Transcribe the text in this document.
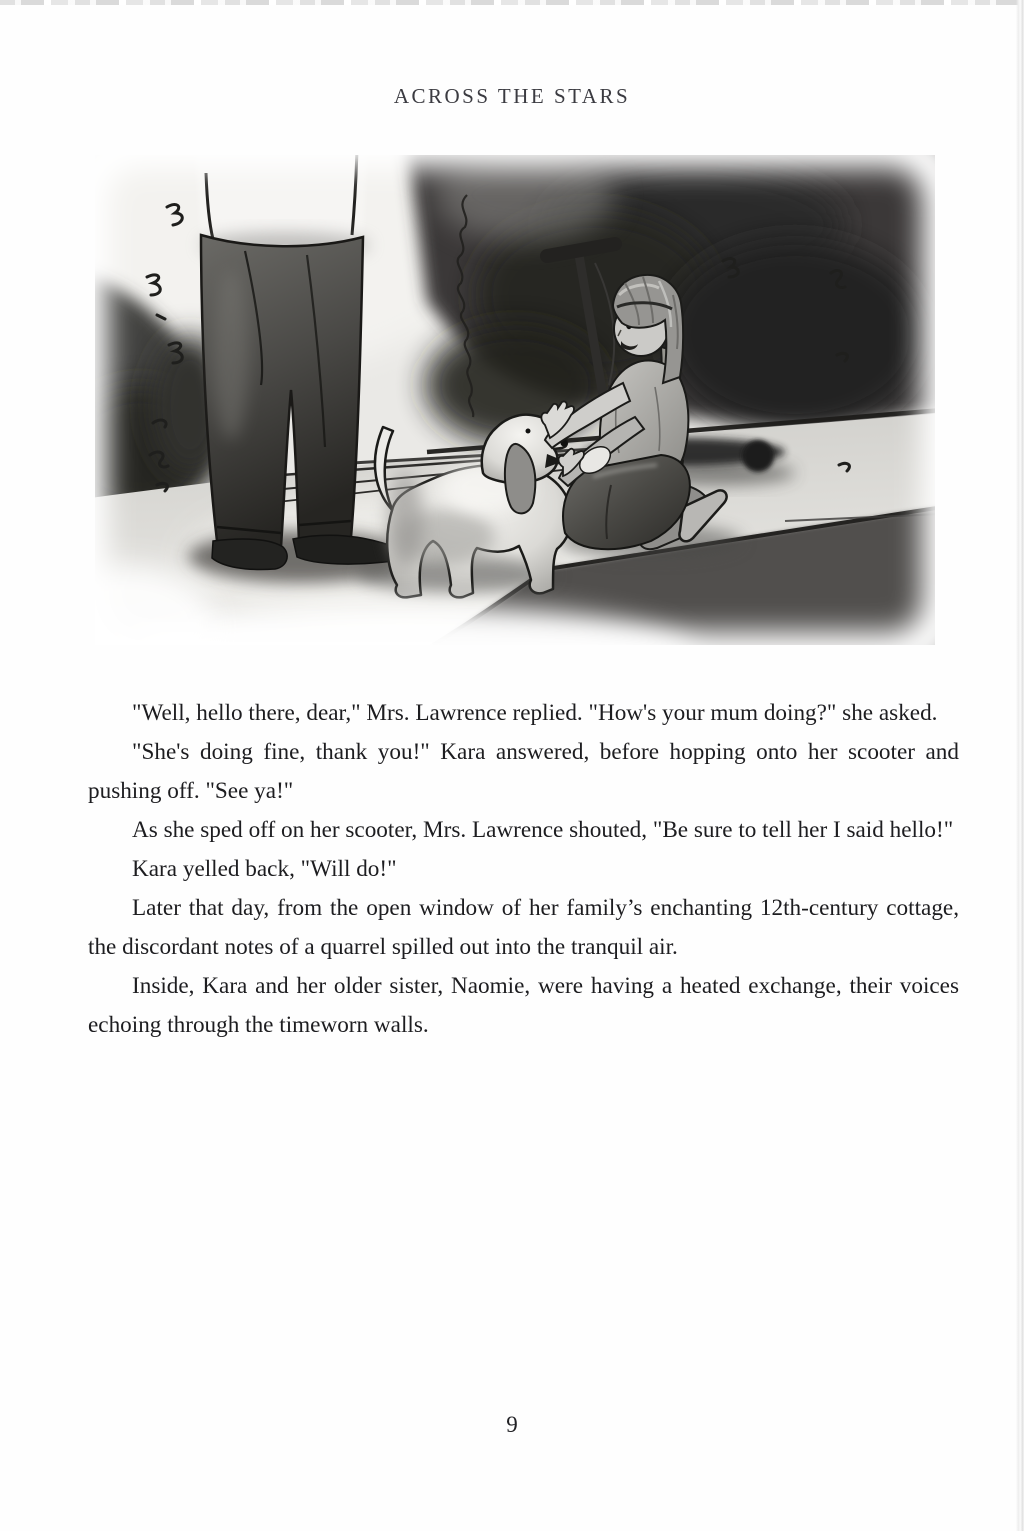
ACROSS THE STARS

"Well, hello there, dear," Mrs. Lawrence replied. "How's your mum doing?" she asked.

"She's doing fine, thank you!" Kara answered, before hopping onto her scooter and pushing off. "See ya!"

As she sped off on her scooter, Mrs. Lawrence shouted, "Be sure to tell her I said hello!"

Kara yelled back, "Will do!"

Later that day, from the open window of her family’s enchanting 12th-century cottage, the discordant notes of a quarrel spilled out into the tranquil air.

Inside, Kara and her older sister, Naomie, were having a heated exchange, their voices echoing through the timeworn walls.

9
